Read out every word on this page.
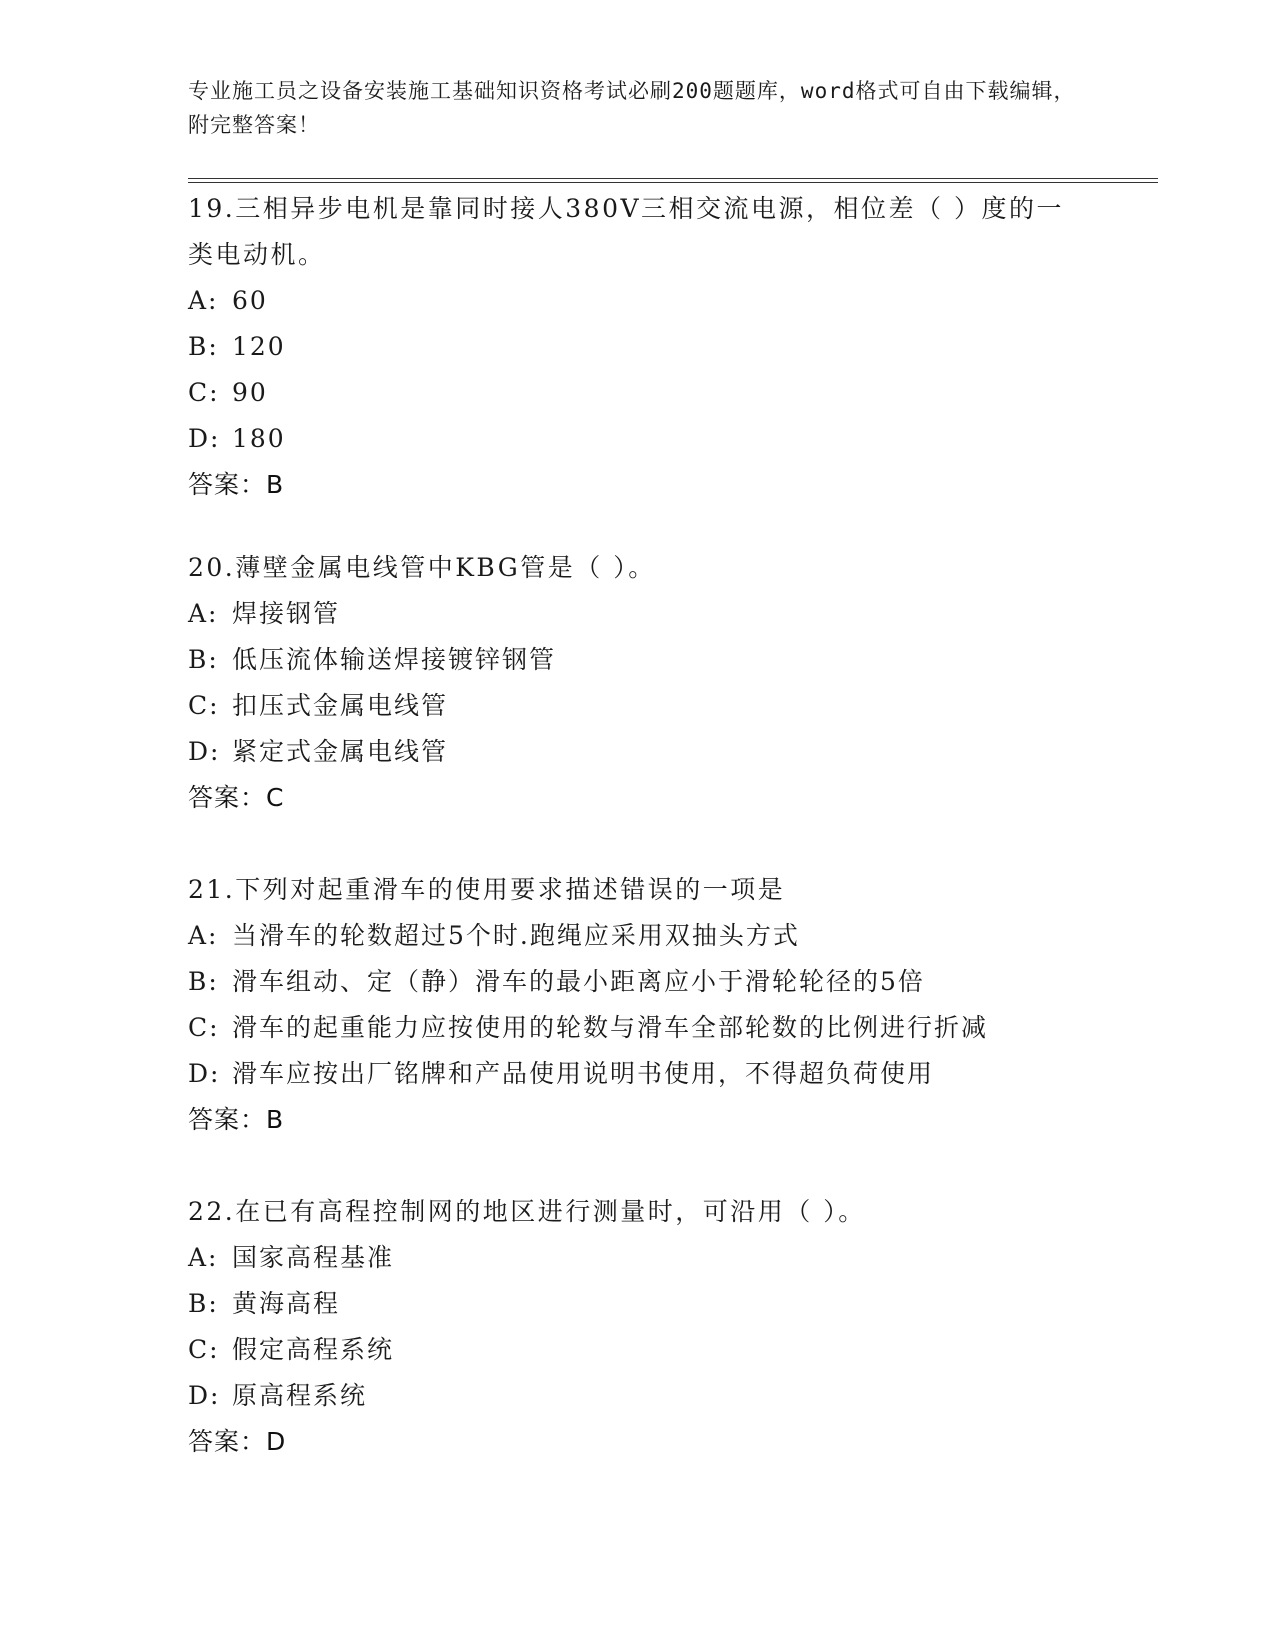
专业施工员之设备安装施工基础知识资格考试必刷200题题库，word格式可自由下载编辑，附完整答案！

19.三相异步电机是靠同时接人380V三相交流电源，相位差（ ）度的一类电动机。

A: 60

B: 120

C: 90

D: 180

答案：B

20.薄壁金属电线管中KBG管是（ ）。

A: 焊接钢管

B: 低压流体输送焊接镀锌钢管

C: 扣压式金属电线管

D: 紧定式金属电线管

答案：C

21.下列对起重滑车的使用要求描述错误的一项是

A: 当滑车的轮数超过5个时.跑绳应采用双抽头方式

B: 滑车组动、定（静）滑车的最小距离应小于滑轮轮径的5倍

C: 滑车的起重能力应按使用的轮数与滑车全部轮数的比例进行折减

D: 滑车应按出厂铭牌和产品使用说明书使用，不得超负荷使用

答案：B

22.在已有高程控制网的地区进行测量时，可沿用（ ）。

A: 国家高程基准

B: 黄海高程

C: 假定高程系统

D: 原高程系统

答案：D
